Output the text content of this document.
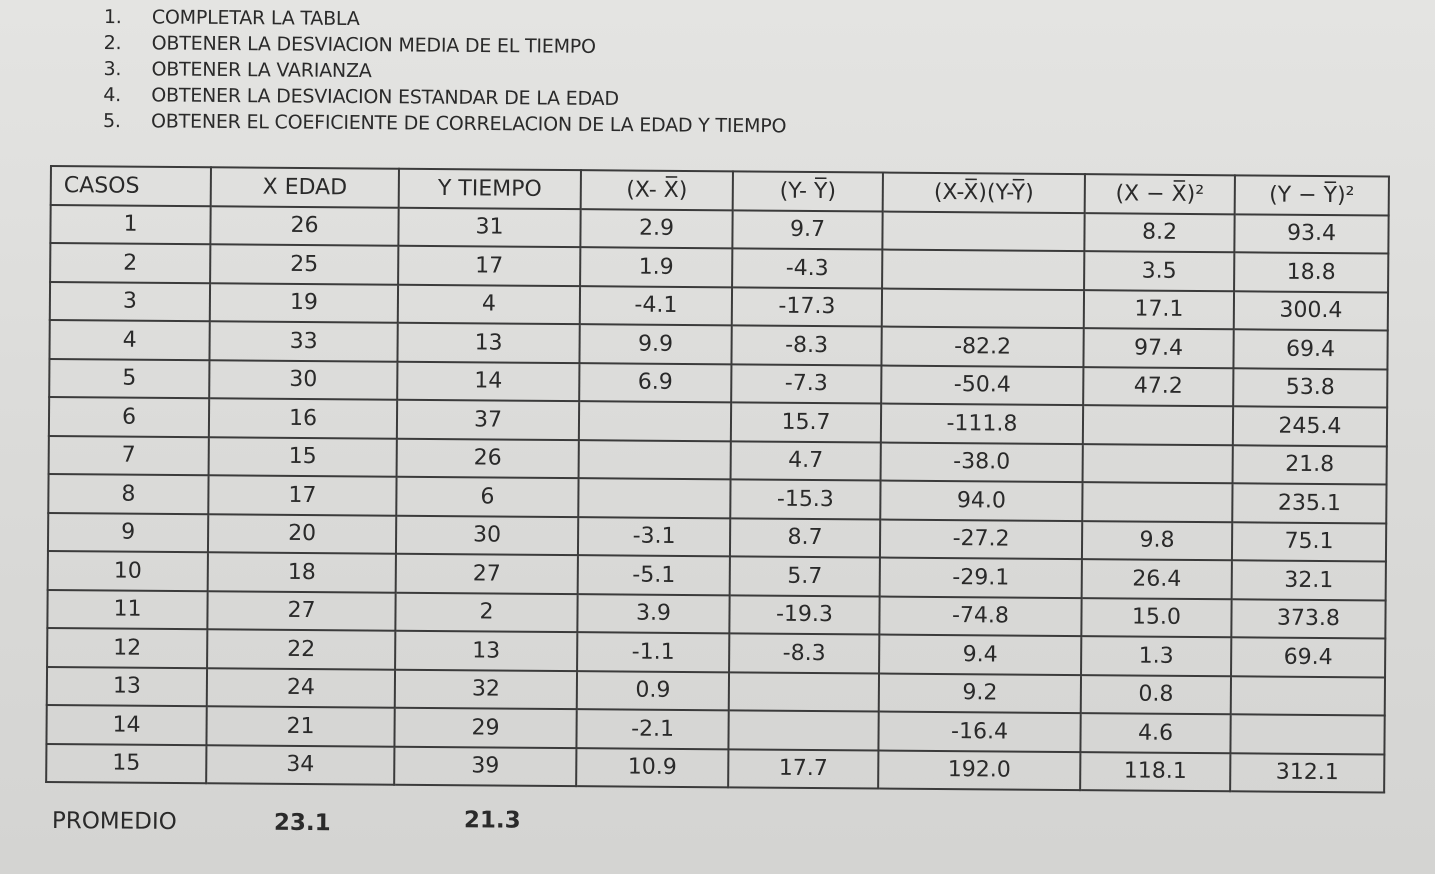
1.	COMPLETAR LA TABLA
2.	OBTENER LA DESVIACION MEDIA DE EL TIEMPO
3.	OBTENER LA VARIANZA
4.	OBTENER LA DESVIACION ESTANDAR DE LA EDAD
5.	OBTENER EL COEFICIENTE DE CORRELACION DE LA EDAD Y TIEMPO
CASOS	X EDAD	Y TIEMPO	(X- X̅)	(Y- Y̅)	(X-X̅)(Y-Y̅)	(X − X̅)²	(Y − Y̅)²
1	26	31	2.9	9.7		8.2	93.4
2	25	17	1.9	-4.3		3.5	18.8
3	19	4	-4.1	-17.3		17.1	300.4
4	33	13	9.9	-8.3	-82.2	97.4	69.4
5	30	14	6.9	-7.3	-50.4	47.2	53.8
6	16	37		15.7	-111.8		245.4
7	15	26		4.7	-38.0		21.8
8	17	6		-15.3	94.0		235.1
9	20	30	-3.1	8.7	-27.2	9.8	75.1
10	18	27	-5.1	5.7	-29.1	26.4	32.1
11	27	2	3.9	-19.3	-74.8	15.0	373.8
12	22	13	-1.1	-8.3	9.4	1.3	69.4
13	24	32	0.9		9.2	0.8	
14	21	29	-2.1		-16.4	4.6	
15	34	39	10.9	17.7	192.0	118.1	312.1
PROMEDIO	23.1	21.3
